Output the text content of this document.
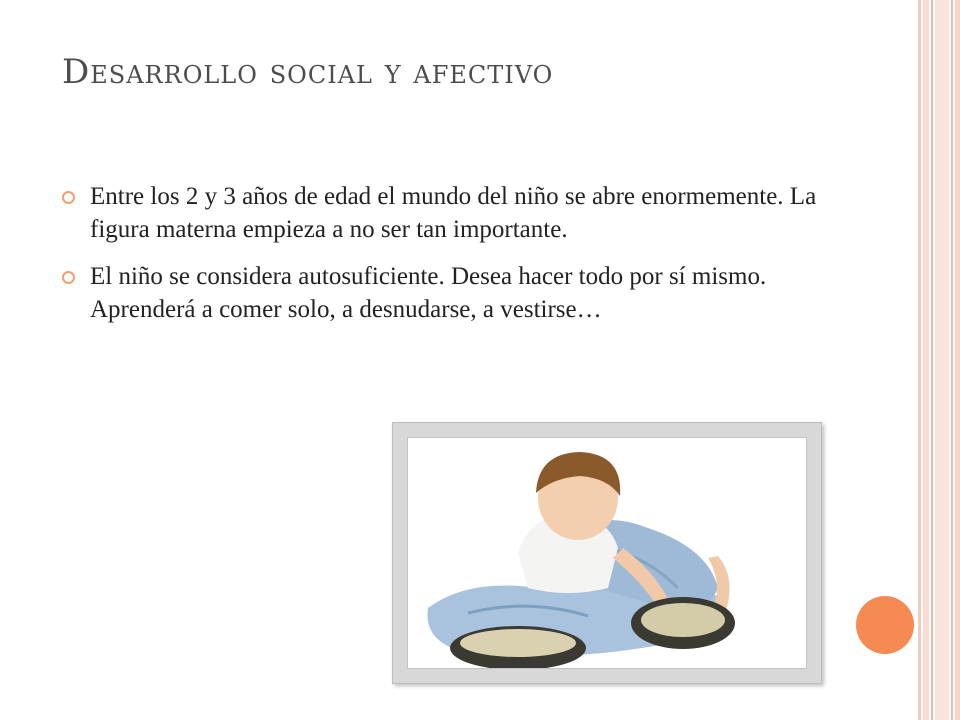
Desarrollo social y afectivo
Entre los 2 y 3 años de edad el mundo del niño se abre enormemente. La figura materna empieza a no ser tan importante.
El niño se considera autosuficiente. Desea hacer todo por sí mismo. Aprenderá a comer solo, a desnudarse, a vestirse…
